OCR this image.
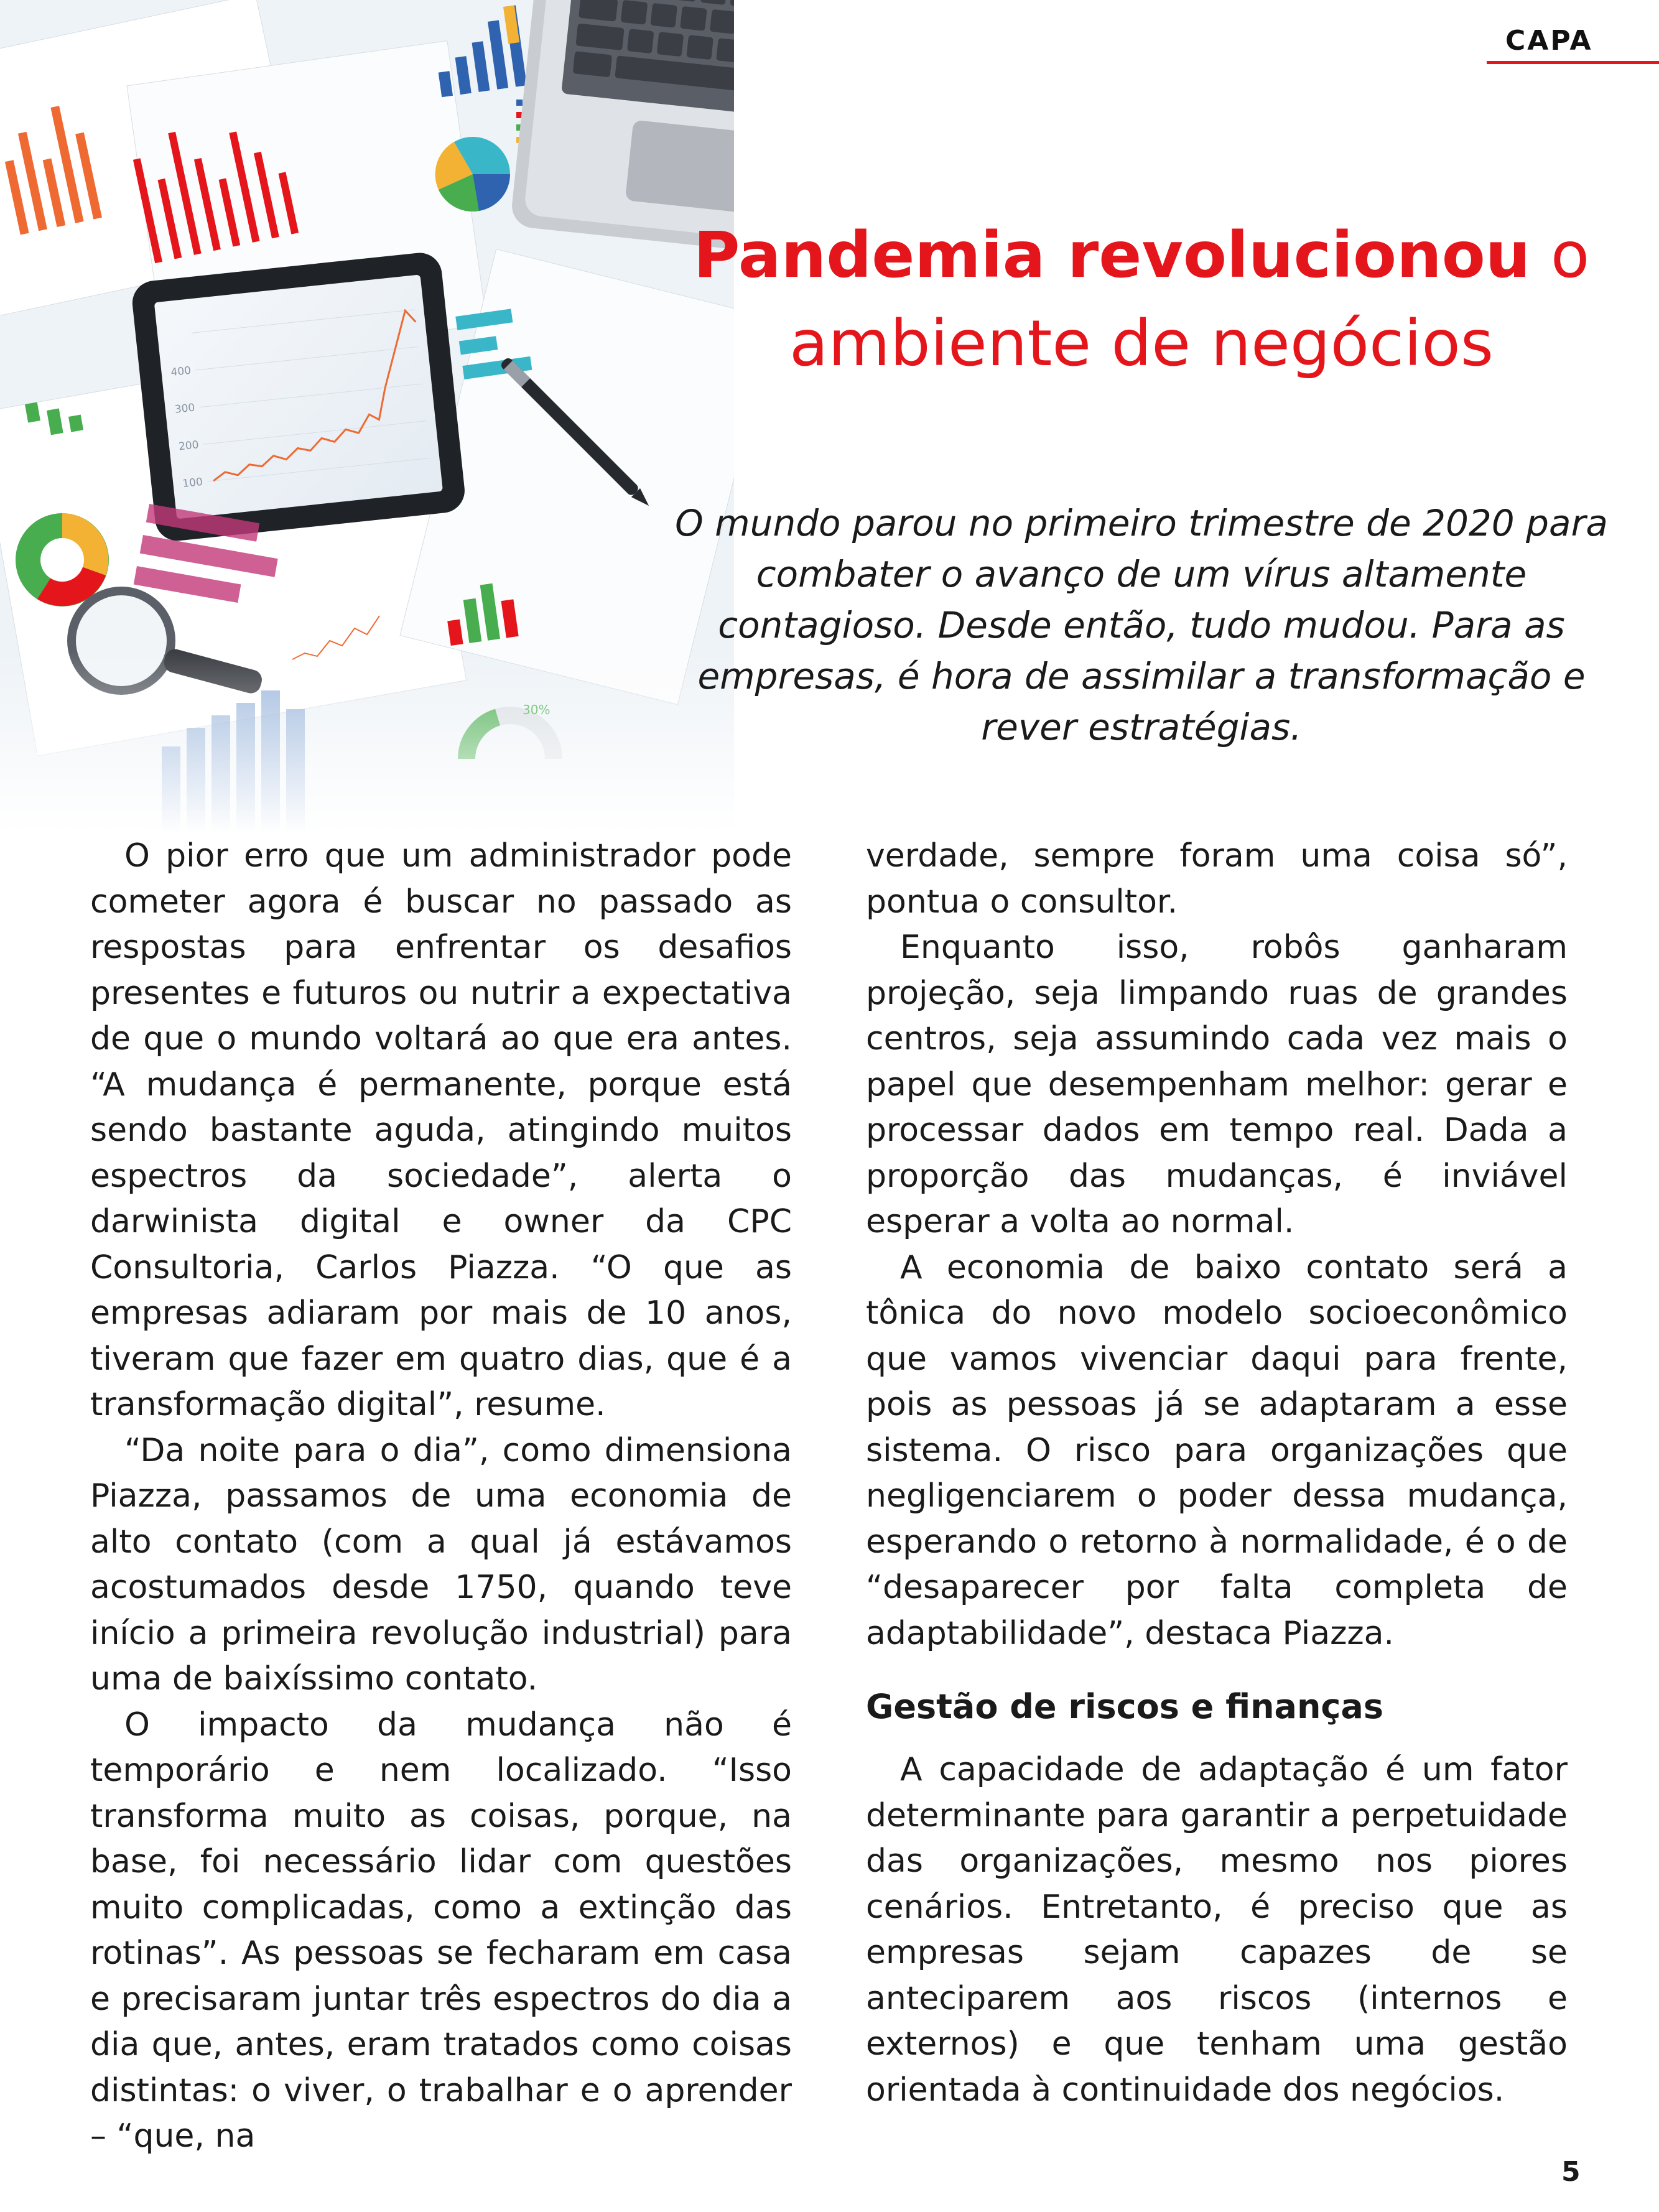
CAPA
Pandemia revolucionou o ambiente de negócios

O mundo parou no primeiro trimestre de 2020 para combater o avanço de um vírus altamente contagioso. Desde então, tudo mudou. Para as empresas, é hora de assimilar a transformação e rever estratégias.

O pior erro que um administrador pode cometer agora é buscar no passado as respostas para enfrentar os desafios presentes e futuros ou nutrir a expectativa de que o mundo voltará ao que era antes. “A mudança é permanente, porque está sendo bastante aguda, atingindo muitos espectros da sociedade”, alerta o darwinista digital e owner da CPC Consultoria, Carlos Piazza. “O que as empresas adiaram por mais de 10 anos, tiveram que fazer em quatro dias, que é a transformação digital”, resume.

“Da noite para o dia”, como dimensiona Piazza, passamos de uma economia de alto contato (com a qual já estávamos acostumados desde 1750, quando teve início a primeira revolução industrial) para uma de baixíssimo contato.

O impacto da mudança não é temporário e nem localizado. “Isso transforma muito as coisas, porque, na base, foi necessário lidar com questões muito complicadas, como a extinção das rotinas”. As pessoas se fecharam em casa e precisaram juntar três espectros do dia a dia que, antes, eram tratados como coisas distintas: o viver, o trabalhar e o aprender – “que, na

verdade, sempre foram uma coisa só”, pontua o consultor.

Enquanto isso, robôs ganharam projeção, seja limpando ruas de grandes centros, seja assumindo cada vez mais o papel que desempenham melhor: gerar e processar dados em tempo real. Dada a proporção das mudanças, é inviável esperar a volta ao normal.

A economia de baixo contato será a tônica do novo modelo socioeconômico que vamos vivenciar daqui para frente, pois as pessoas já se adaptaram a esse sistema. O risco para organizações que negligenciarem o poder dessa mudança, esperando o retorno à normalidade, é o de “desaparecer por falta completa de adaptabilidade”, destaca Piazza.

Gestão de riscos e finanças

A capacidade de adaptação é um fator determinante para garantir a perpetuidade das organizações, mesmo nos piores cenários. Entretanto, é preciso que as empresas sejam capazes de se anteciparem aos riscos (internos e externos) e que tenham uma gestão orientada à continuidade dos negócios.

5
